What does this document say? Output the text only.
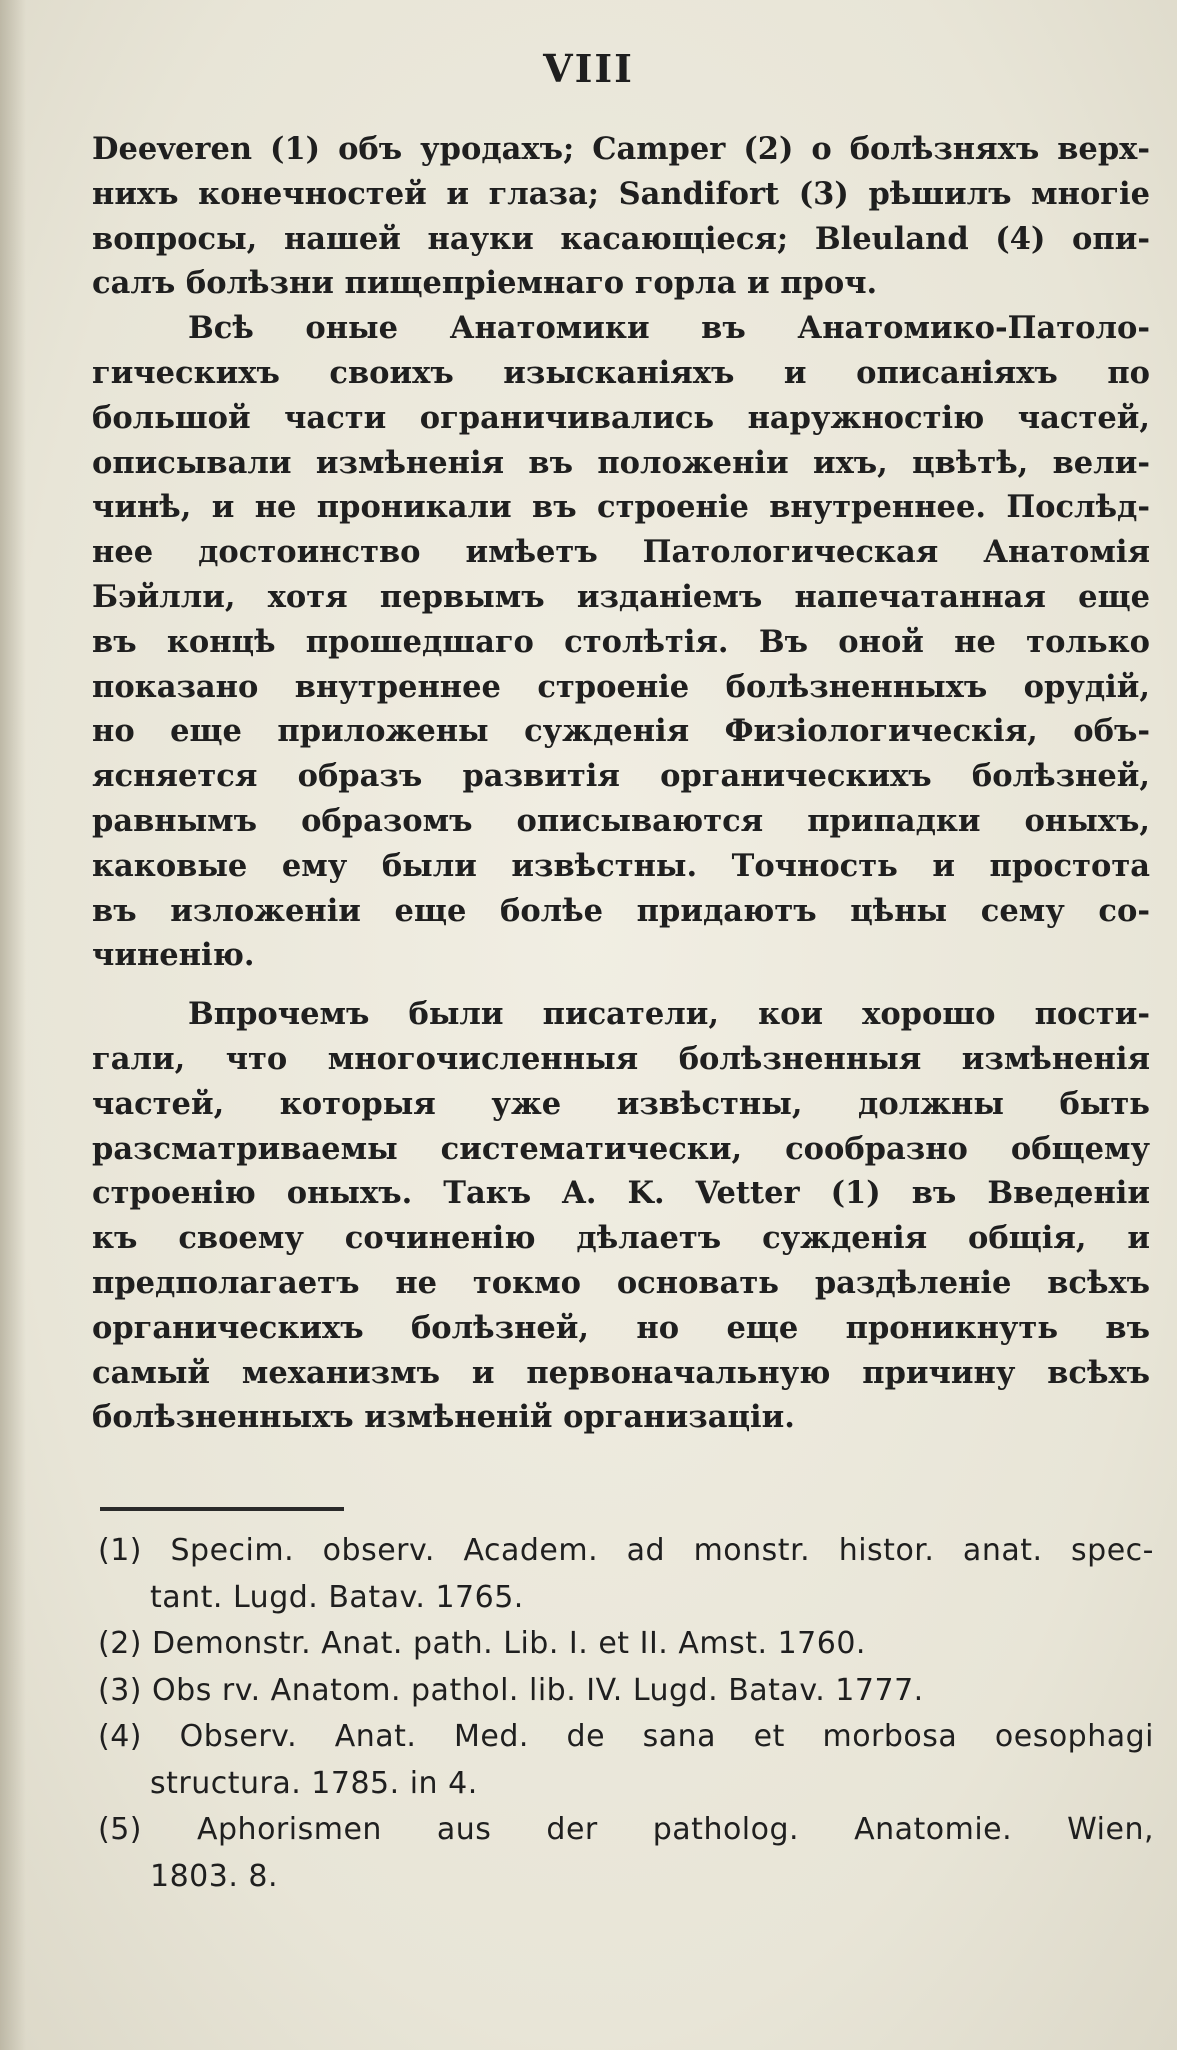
VIII
Deeveren (1) объ уродахъ; Camper (2) о болѣзняхъ верх-
нихъ конечностей и глаза; Sandifort (3) рѣшилъ многіе
вопросы, нашей науки касающіеся; Bleuland (4) опи-
салъ болѣзни пищепріемнаго горла и проч.
Всѣ оные Анатомики въ Анатомико-Патолo-
гическихъ своихъ изысканіяхъ и описаніяхъ по
большой части ограничивались наружностію частей,
описывали измѣненія въ положеніи ихъ, цвѣтѣ, вели-
чинѣ, и не проникали въ строеніе внутреннее. Послѣд-
нее достоинство имѣетъ Патологическая Анатомія
Бэйлли, хотя первымъ изданіемъ напечатанная еще
въ концѣ прошедшаго столѣтія. Въ оной не только
показано внутреннее строеніе болѣзненныхъ орудій,
но еще приложены сужденія Физіологическія, объ-
ясняется образъ развитія органическихъ болѣзней,
равнымъ образомъ описываются припадки оныхъ,
каковые ему были извѣстны. Точность и простота
въ изложеніи еще болѣе придаютъ цѣны сему со-
чиненію.
Впрочемъ были писатели, кои хорошо пости-
гали, что многочисленныя болѣзненныя измѣненія
частей, которыя уже извѣстны, должны быть
разсматриваемы систематически, сообразно общему
строенію оныхъ. Такъ A. K. Vetter (1) въ Введеніи
къ своему сочиненію дѣлаетъ сужденія общія, и
предполагаетъ не токмо основать раздѣленіе всѣхъ
органическихъ болѣзней, но еще проникнуть въ
самый механизмъ и первоначальную причину всѣхъ
болѣзненныхъ измѣненій организаціи.
(1) Specim. observ. Academ. ad monstr. histor. anat. spec-
tant. Lugd. Batav. 1765.
(2) Demonstr. Anat. path. Lib. I. et II. Amst. 1760.
(3) Obs rv. Anatom. pathol. lib. IV. Lugd. Batav. 1777.
(4) Observ. Anat. Med. de sana et morbosa oesophagi
structura. 1785. in 4.
(5) Aphorismen aus der patholog. Anatomie. Wien,
1803. 8.
